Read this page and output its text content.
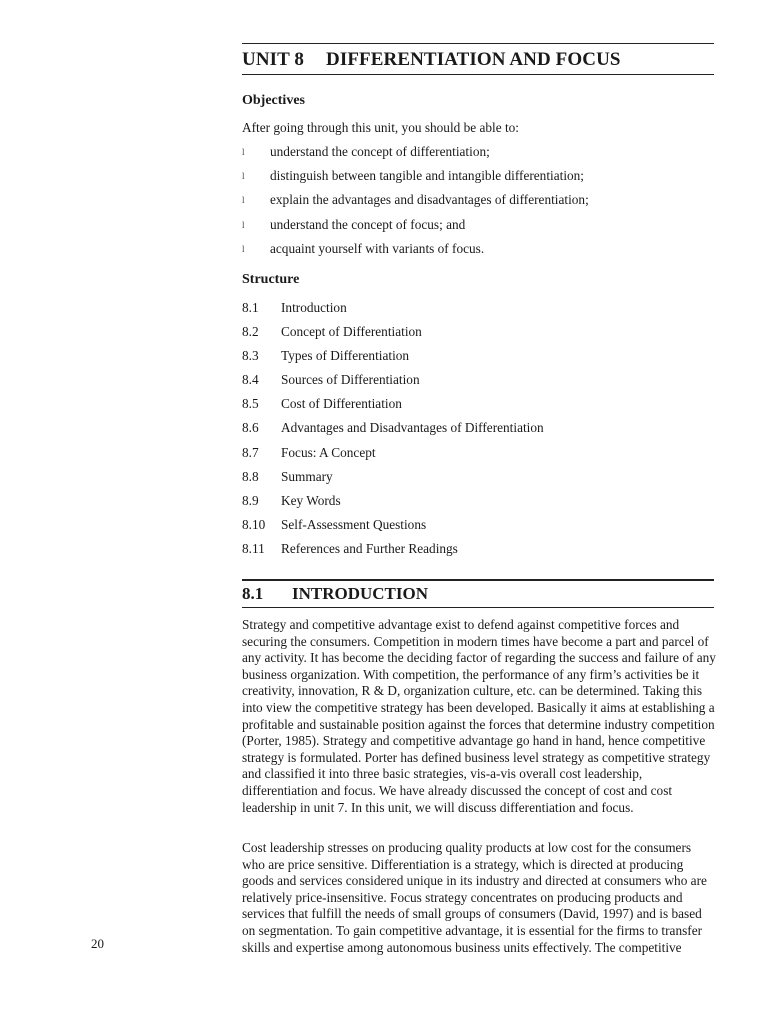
UNIT 8 DIFFERENTIATION AND FOCUS
Objectives
After going through this unit, you should be able to:
l understand the concept of differentiation;
l distinguish between tangible and intangible differentiation;
l explain the advantages and disadvantages of differentiation;
l understand the concept of focus; and
l acquaint yourself with variants of focus.
Structure
8.1 Introduction
8.2 Concept of Differentiation
8.3 Types of Differentiation
8.4 Sources of Differentiation
8.5 Cost of Differentiation
8.6 Advantages and Disadvantages of Differentiation
8.7 Focus: A Concept
8.8 Summary
8.9 Key Words
8.10 Self-Assessment Questions
8.11 References and Further Readings
8.1 INTRODUCTION

Strategy and competitive advantage exist to defend against competitive forces and securing the consumers. Competition in modern times have become a part and parcel of any activity. It has become the deciding factor of regarding the success and failure of any business organization. With competition, the performance of any firm’s activities be it creativity, innovation, R & D, organization culture, etc. can be determined. Taking this into view the competitive strategy has been developed. Basically it aims at establishing a profitable and sustainable position against the forces that determine industry competition (Porter, 1985). Strategy and competitive advantage go hand in hand, hence competitive strategy is formulated. Porter has defined business level strategy as competitive strategy and classified it into three basic strategies, vis-a-vis overall cost leadership, differentiation and focus. We have already discussed the concept of cost and cost leadership in unit 7. In this unit, we will discuss differentiation and focus.

Cost leadership stresses on producing quality products at low cost for the consumers who are price sensitive. Differentiation is a strategy, which is directed at producing goods and services considered unique in its industry and directed at consumers who are relatively price-insensitive. Focus strategy concentrates on producing products and services that fulfill the needs of small groups of consumers (David, 1997) and is based on segmentation. To gain competitive advantage, it is essential for the firms to transfer skills and expertise among autonomous business units effectively. The competitive

20
